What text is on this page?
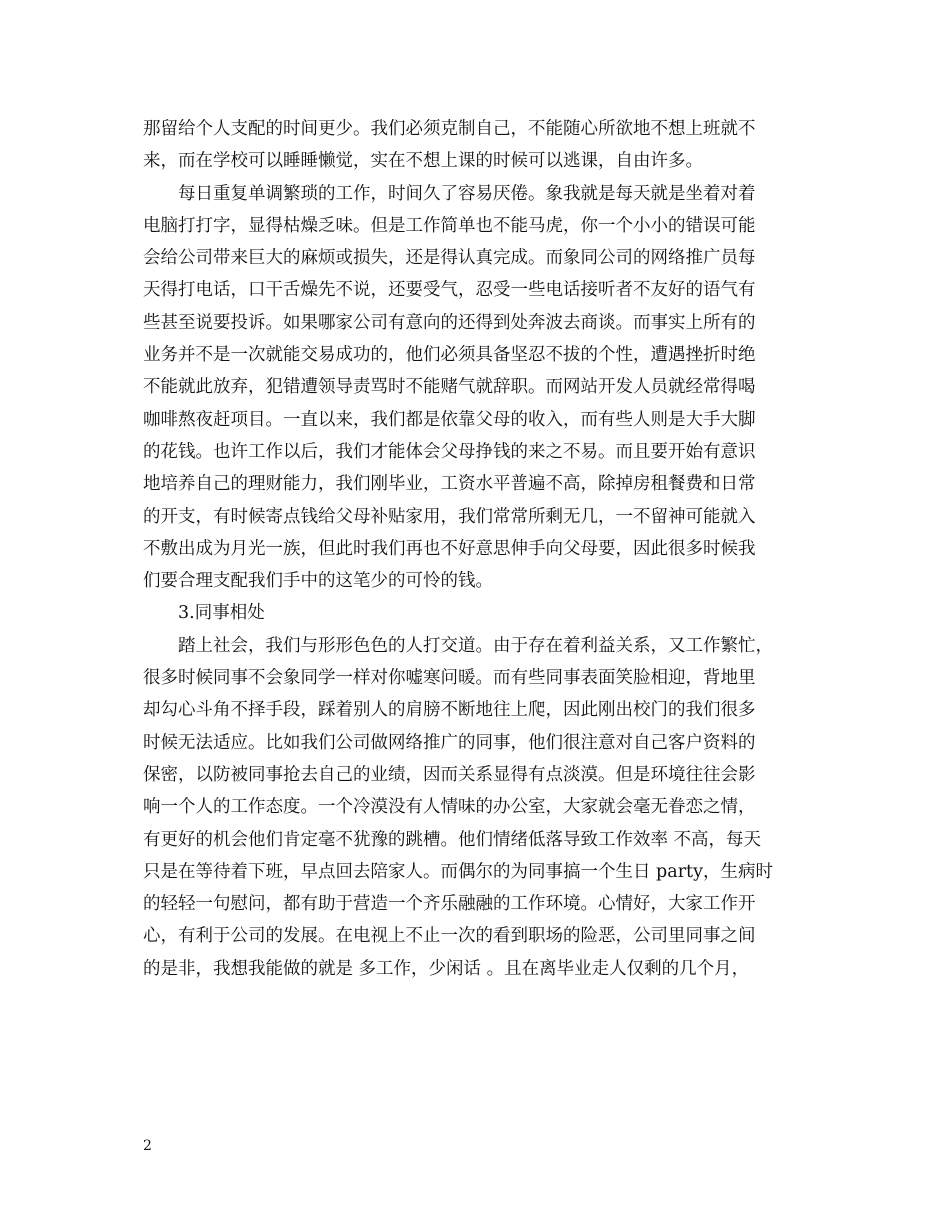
那留给个人支配的时间更少。我们必须克制自己，不能随心所欲地不想上班就不
来，而在学校可以睡睡懒觉，实在不想上课的时候可以逃课，自由许多。
每日重复单调繁琐的工作，时间久了容易厌倦。象我就是每天就是坐着对着
电脑打打字，显得枯燥乏味。但是工作简单也不能马虎，你一个小小的错误可能
会给公司带来巨大的麻烦或损失，还是得认真完成。而象同公司的网络推广员每
天得打电话，口干舌燥先不说，还要受气，忍受一些电话接听者不友好的语气有
些甚至说要投诉。如果哪家公司有意向的还得到处奔波去商谈。而事实上所有的
业务并不是一次就能交易成功的，他们必须具备坚忍不拔的个性，遭遇挫折时绝
不能就此放弃，犯错遭领导责骂时不能赌气就辞职。而网站开发人员就经常得喝
咖啡熬夜赶项目。一直以来，我们都是依靠父母的收入，而有些人则是大手大脚
的花钱。也许工作以后，我们才能体会父母挣钱的来之不易。而且要开始有意识
地培养自己的理财能力，我们刚毕业，工资水平普遍不高，除掉房租餐费和日常
的开支，有时候寄点钱给父母补贴家用，我们常常所剩无几，一不留神可能就入
不敷出成为月光一族，但此时我们再也不好意思伸手向父母要，因此很多时候我
们要合理支配我们手中的这笔少的可怜的钱。
3.同事相处
踏上社会，我们与形形色色的人打交道。由于存在着利益关系，又工作繁忙，
很多时候同事不会象同学一样对你嘘寒问暖。而有些同事表面笑脸相迎，背地里
却勾心斗角不择手段，踩着别人的肩膀不断地往上爬，因此刚出校门的我们很多
时候无法适应。比如我们公司做网络推广的同事，他们很注意对自己客户资料的
保密，以防被同事抢去自己的业绩，因而关系显得有点淡漠。但是环境往往会影
响一个人的工作态度。一个冷漠没有人情味的办公室，大家就会毫无眷恋之情，
有更好的机会他们肯定毫不犹豫的跳槽。他们情绪低落导致工作效率 不高，每天
只是在等待着下班，早点回去陪家人。而偶尔的为同事搞一个生日 party，生病时
的轻轻一句慰问，都有助于营造一个齐乐融融的工作环境。心情好，大家工作开
心，有利于公司的发展。在电视上不止一次的看到职场的险恶，公司里同事之间
的是非，我想我能做的就是 多工作，少闲话 。且在离毕业走人仅剩的几个月，
2
